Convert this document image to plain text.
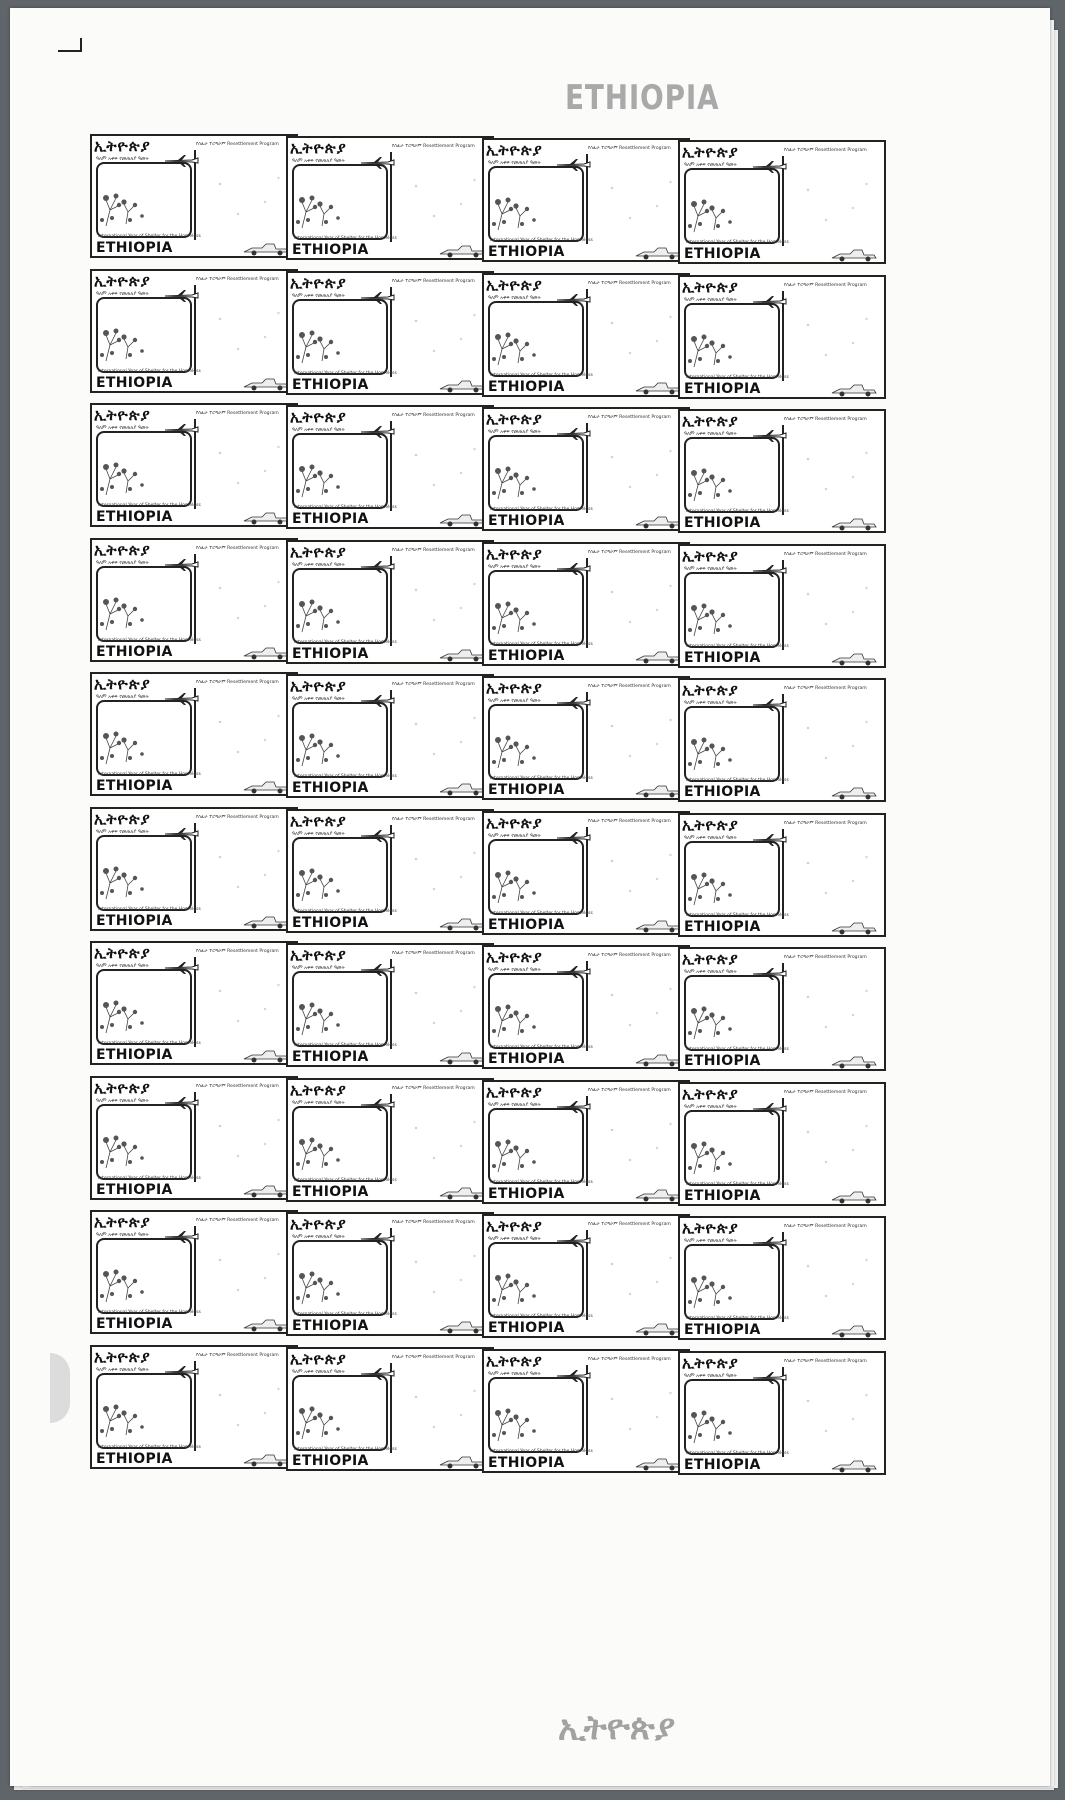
ETHIOPIA
ኢትዮጵያ
ዓለም አቀፍ የመጠለያ ዓመት
የሰፈራ ፕሮግራም Resettlement Program
International Year of Shelter for the Homeless
ETHIOPIA
ኢትዮጵያ
ዓለም አቀፍ የመጠለያ ዓመት
የሰፈራ ፕሮግራም Resettlement Program
International Year of Shelter for the Homeless
ETHIOPIA
ኢትዮጵያ
ዓለም አቀፍ የመጠለያ ዓመት
የሰፈራ ፕሮግራም Resettlement Program
International Year of Shelter for the Homeless
ETHIOPIA
ኢትዮጵያ
ዓለም አቀፍ የመጠለያ ዓመት
የሰፈራ ፕሮግራም Resettlement Program
International Year of Shelter for the Homeless
ETHIOPIA
ኢትዮጵያ
ዓለም አቀፍ የመጠለያ ዓመት
የሰፈራ ፕሮግራም Resettlement Program
International Year of Shelter for the Homeless
ETHIOPIA
ኢትዮጵያ
ዓለም አቀፍ የመጠለያ ዓመት
የሰፈራ ፕሮግራም Resettlement Program
International Year of Shelter for the Homeless
ETHIOPIA
ኢትዮጵያ
ዓለም አቀፍ የመጠለያ ዓመት
የሰፈራ ፕሮግራም Resettlement Program
International Year of Shelter for the Homeless
ETHIOPIA
ኢትዮጵያ
ዓለም አቀፍ የመጠለያ ዓመት
የሰፈራ ፕሮግራም Resettlement Program
International Year of Shelter for the Homeless
ETHIOPIA
ኢትዮጵያ
ዓለም አቀፍ የመጠለያ ዓመት
የሰፈራ ፕሮግራም Resettlement Program
International Year of Shelter for the Homeless
ETHIOPIA
ኢትዮጵያ
ዓለም አቀፍ የመጠለያ ዓመት
የሰፈራ ፕሮግራም Resettlement Program
International Year of Shelter for the Homeless
ETHIOPIA
ኢትዮጵያ
ዓለም አቀፍ የመጠለያ ዓመት
የሰፈራ ፕሮግራም Resettlement Program
International Year of Shelter for the Homeless
ETHIOPIA
ኢትዮጵያ
ዓለም አቀፍ የመጠለያ ዓመት
የሰፈራ ፕሮግራም Resettlement Program
International Year of Shelter for the Homeless
ETHIOPIA
ኢትዮጵያ
ዓለም አቀፍ የመጠለያ ዓመት
የሰፈራ ፕሮግራም Resettlement Program
International Year of Shelter for the Homeless
ETHIOPIA
ኢትዮጵያ
ዓለም አቀፍ የመጠለያ ዓመት
የሰፈራ ፕሮግራም Resettlement Program
International Year of Shelter for the Homeless
ETHIOPIA
ኢትዮጵያ
ዓለም አቀፍ የመጠለያ ዓመት
የሰፈራ ፕሮግራም Resettlement Program
International Year of Shelter for the Homeless
ETHIOPIA
ኢትዮጵያ
ዓለም አቀፍ የመጠለያ ዓመት
የሰፈራ ፕሮግራም Resettlement Program
International Year of Shelter for the Homeless
ETHIOPIA
ኢትዮጵያ
ዓለም አቀፍ የመጠለያ ዓመት
የሰፈራ ፕሮግራም Resettlement Program
International Year of Shelter for the Homeless
ETHIOPIA
ኢትዮጵያ
ዓለም አቀፍ የመጠለያ ዓመት
የሰፈራ ፕሮግራም Resettlement Program
International Year of Shelter for the Homeless
ETHIOPIA
ኢትዮጵያ
ዓለም አቀፍ የመጠለያ ዓመት
የሰፈራ ፕሮግራም Resettlement Program
International Year of Shelter for the Homeless
ETHIOPIA
ኢትዮጵያ
ዓለም አቀፍ የመጠለያ ዓመት
የሰፈራ ፕሮግራም Resettlement Program
International Year of Shelter for the Homeless
ETHIOPIA
ኢትዮጵያ
ዓለም አቀፍ የመጠለያ ዓመት
የሰፈራ ፕሮግራም Resettlement Program
International Year of Shelter for the Homeless
ETHIOPIA
ኢትዮጵያ
ዓለም አቀፍ የመጠለያ ዓመት
የሰፈራ ፕሮግራም Resettlement Program
International Year of Shelter for the Homeless
ETHIOPIA
ኢትዮጵያ
ዓለም አቀፍ የመጠለያ ዓመት
የሰፈራ ፕሮግራም Resettlement Program
International Year of Shelter for the Homeless
ETHIOPIA
ኢትዮጵያ
ዓለም አቀፍ የመጠለያ ዓመት
የሰፈራ ፕሮግራም Resettlement Program
International Year of Shelter for the Homeless
ETHIOPIA
ኢትዮጵያ
ዓለም አቀፍ የመጠለያ ዓመት
የሰፈራ ፕሮግራም Resettlement Program
International Year of Shelter for the Homeless
ETHIOPIA
ኢትዮጵያ
ዓለም አቀፍ የመጠለያ ዓመት
የሰፈራ ፕሮግራም Resettlement Program
International Year of Shelter for the Homeless
ETHIOPIA
ኢትዮጵያ
ዓለም አቀፍ የመጠለያ ዓመት
የሰፈራ ፕሮግራም Resettlement Program
International Year of Shelter for the Homeless
ETHIOPIA
ኢትዮጵያ
ዓለም አቀፍ የመጠለያ ዓመት
የሰፈራ ፕሮግራም Resettlement Program
International Year of Shelter for the Homeless
ETHIOPIA
ኢትዮጵያ
ዓለም አቀፍ የመጠለያ ዓመት
የሰፈራ ፕሮግራም Resettlement Program
International Year of Shelter for the Homeless
ETHIOPIA
ኢትዮጵያ
ዓለም አቀፍ የመጠለያ ዓመት
የሰፈራ ፕሮግራም Resettlement Program
International Year of Shelter for the Homeless
ETHIOPIA
ኢትዮጵያ
ዓለም አቀፍ የመጠለያ ዓመት
የሰፈራ ፕሮግራም Resettlement Program
International Year of Shelter for the Homeless
ETHIOPIA
ኢትዮጵያ
ዓለም አቀፍ የመጠለያ ዓመት
የሰፈራ ፕሮግራም Resettlement Program
International Year of Shelter for the Homeless
ETHIOPIA
ኢትዮጵያ
ዓለም አቀፍ የመጠለያ ዓመት
የሰፈራ ፕሮግራም Resettlement Program
International Year of Shelter for the Homeless
ETHIOPIA
ኢትዮጵያ
ዓለም አቀፍ የመጠለያ ዓመት
የሰፈራ ፕሮግራም Resettlement Program
International Year of Shelter for the Homeless
ETHIOPIA
ኢትዮጵያ
ዓለም አቀፍ የመጠለያ ዓመት
የሰፈራ ፕሮግራም Resettlement Program
International Year of Shelter for the Homeless
ETHIOPIA
ኢትዮጵያ
ዓለም አቀፍ የመጠለያ ዓመት
የሰፈራ ፕሮግራም Resettlement Program
International Year of Shelter for the Homeless
ETHIOPIA
ኢትዮጵያ
ዓለም አቀፍ የመጠለያ ዓመት
የሰፈራ ፕሮግራም Resettlement Program
International Year of Shelter for the Homeless
ETHIOPIA
ኢትዮጵያ
ዓለም አቀፍ የመጠለያ ዓመት
የሰፈራ ፕሮግራም Resettlement Program
International Year of Shelter for the Homeless
ETHIOPIA
ኢትዮጵያ
ዓለም አቀፍ የመጠለያ ዓመት
የሰፈራ ፕሮግራም Resettlement Program
International Year of Shelter for the Homeless
ETHIOPIA
ኢትዮጵያ
ዓለም አቀፍ የመጠለያ ዓመት
የሰፈራ ፕሮግራም Resettlement Program
International Year of Shelter for the Homeless
ETHIOPIA
ኢትዮጵያ
